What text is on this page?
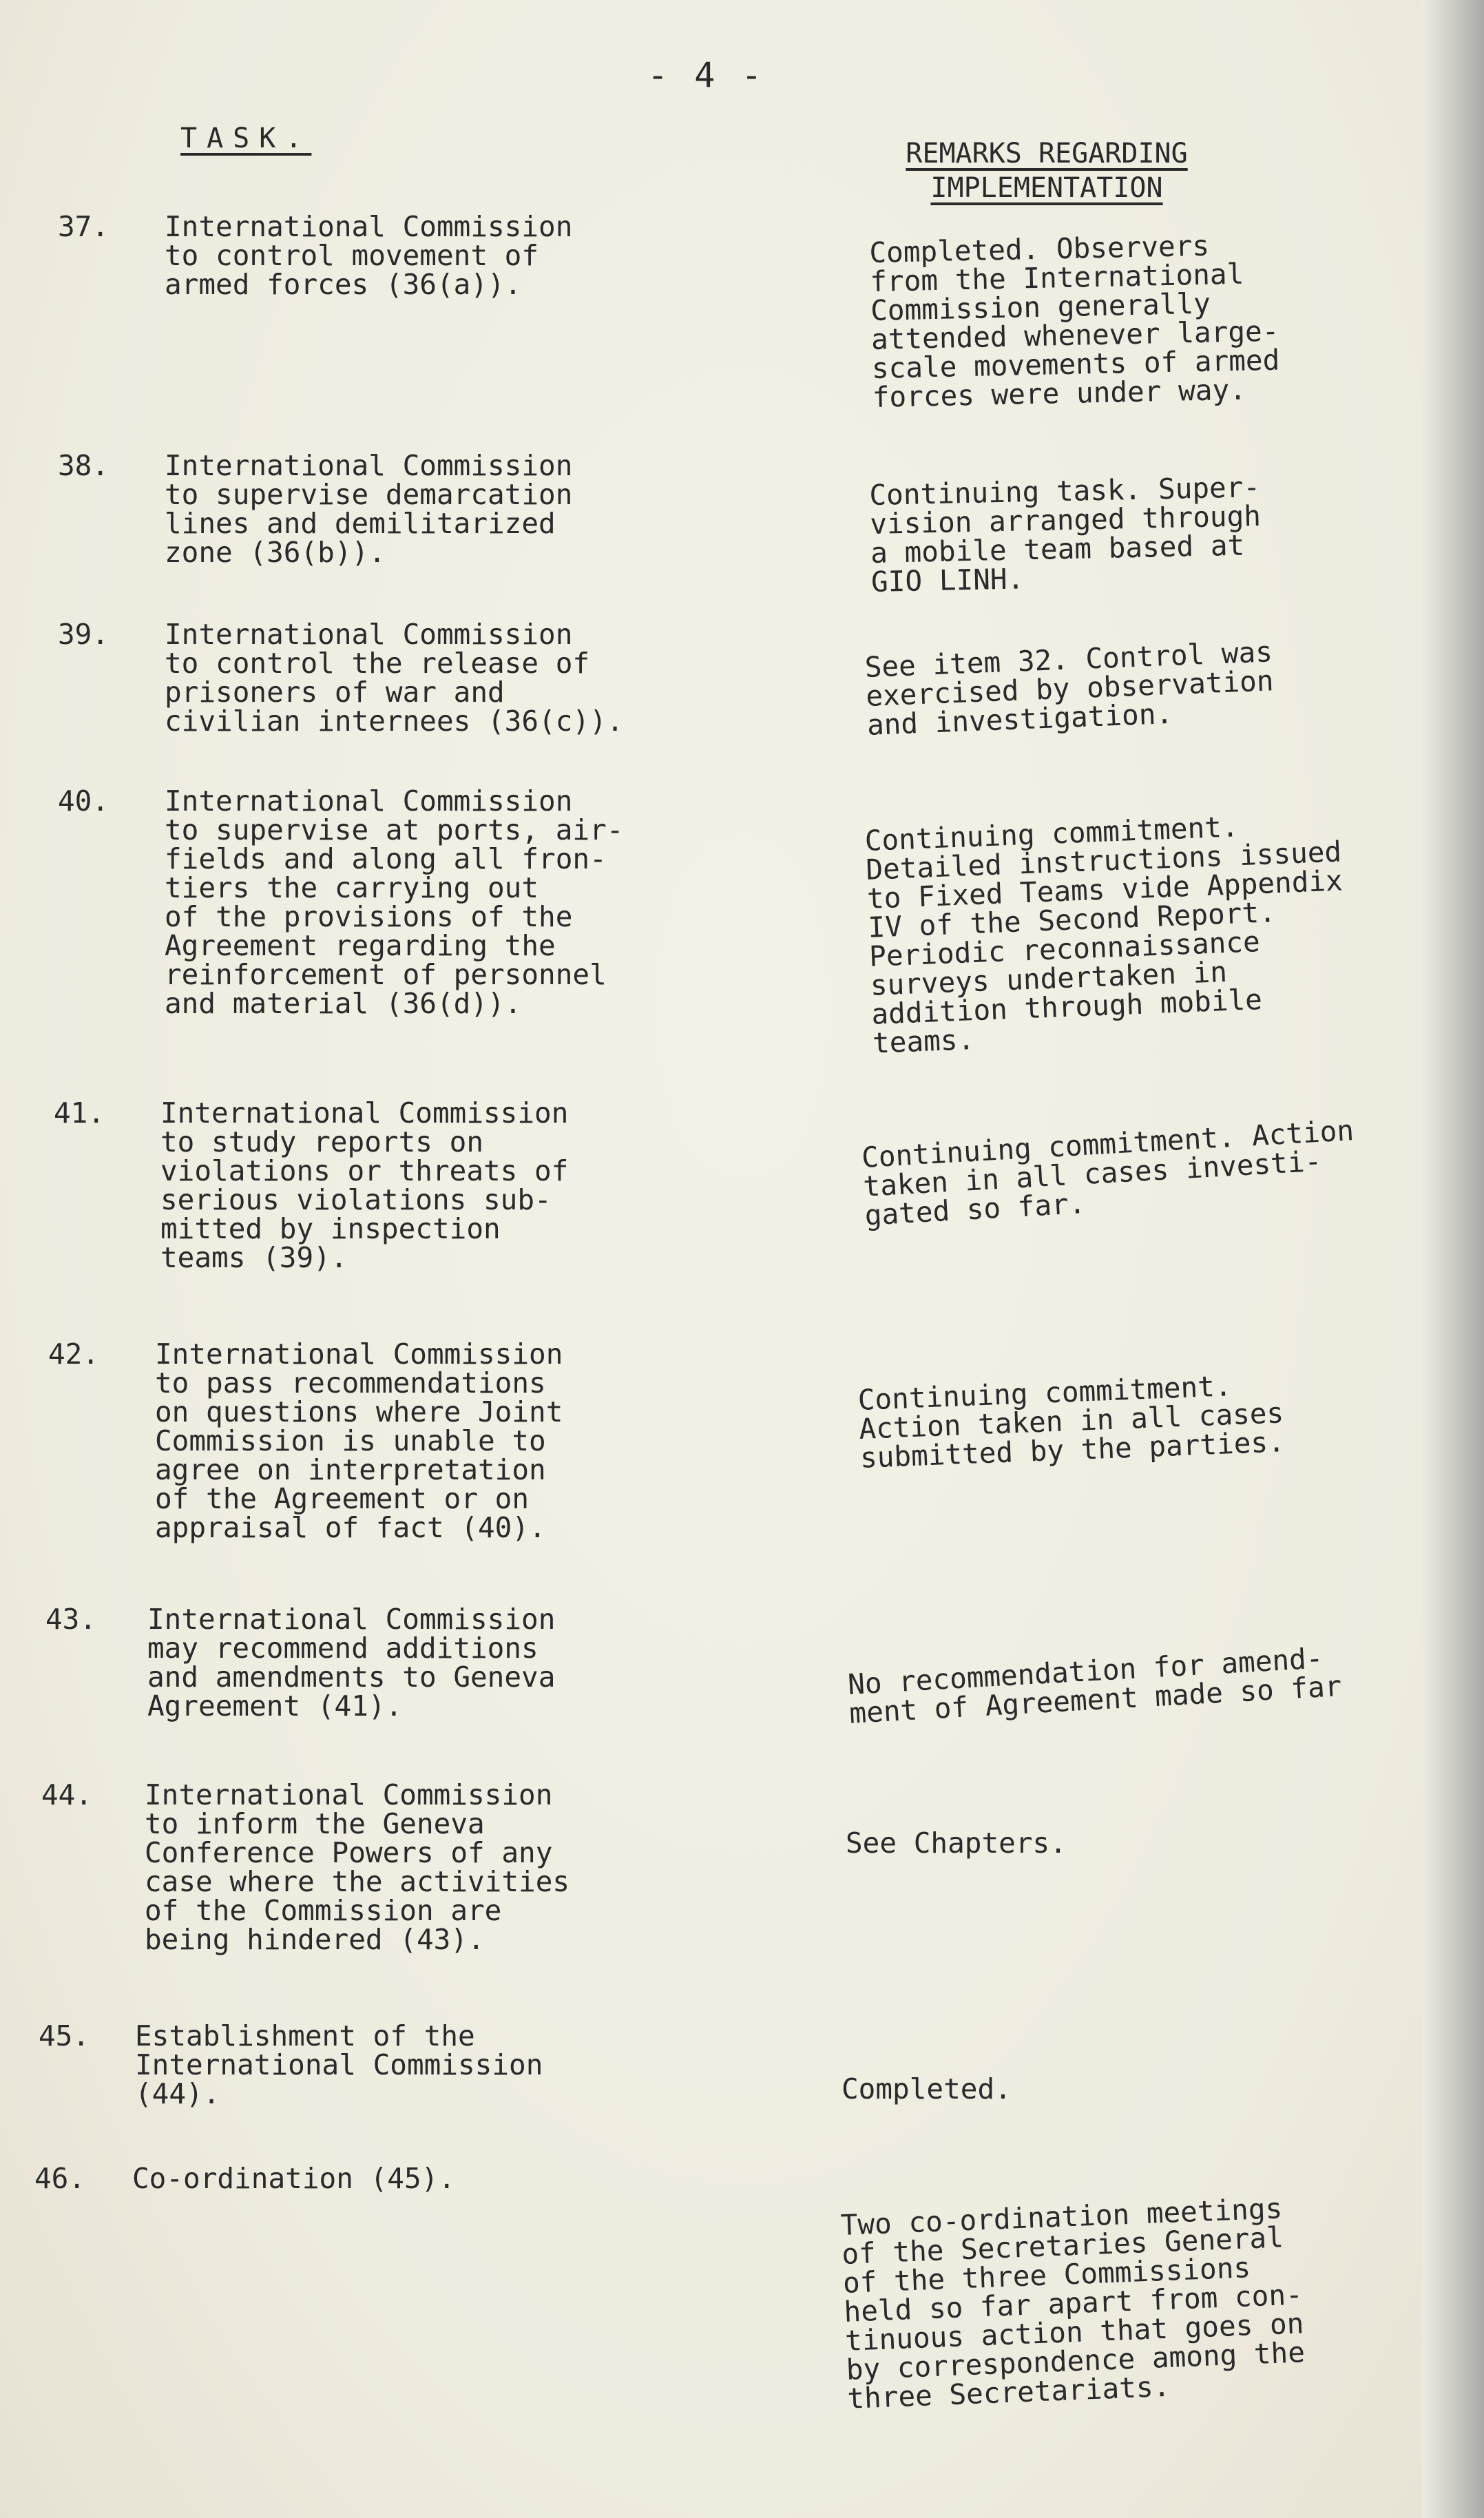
- 4 -
TASK.	REMARKS REGARDING
IMPLEMENTATION
37. International Commission
to control movement of
armed forces (36(a)).
Completed. Observers
from the International
Commission generally
attended whenever large-
scale movements of armed
forces were under way.
38. International Commission
to supervise demarcation
lines and demilitarized
zone (36(b)).
Continuing task. Super-
vision arranged through
a mobile team based at
GIO LINH.
39. International Commission
to control the release of
prisoners of war and
civilian internees (36(c)).
See item 32. Control was
exercised by observation
and investigation.
40. International Commission
to supervise at ports, air-
fields and along all fron-
tiers the carrying out
of the provisions of the
Agreement regarding the
reinforcement of personnel
and material (36(d)).
Continuing commitment.
Detailed instructions issued
to Fixed Teams vide Appendix
IV of the Second Report.
Periodic reconnaissance
surveys undertaken in
addition through mobile
teams.
41. International Commission
to study reports on
violations or threats of
serious violations sub-
mitted by inspection
teams (39).
Continuing commitment. Action
taken in all cases investi-
gated so far.
42. International Commission
to pass recommendations
on questions where Joint
Commission is unable to
agree on interpretation
of the Agreement or on
appraisal of fact (40).
Continuing commitment.
Action taken in all cases
submitted by the parties.
43. International Commission
may recommend additions
and amendments to Geneva
Agreement (41).
No recommendation for amend-
ment of Agreement made so far
44. International Commission
to inform the Geneva
Conference Powers of any
case where the activities
of the Commission are
being hindered (43).
See Chapters.
45. Establishment of the
International Commission
(44).	Completed.
46. Co-ordination (45).
Two co-ordination meetings
of the Secretaries General
of the three Commissions
held so far apart from con-
tinuous action that goes on
by correspondence among the
three Secretariats.
